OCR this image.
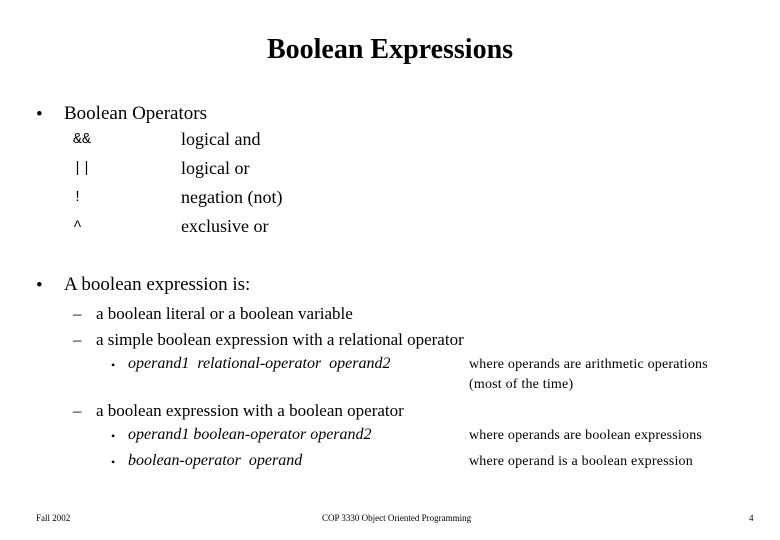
Boolean Expressions
• Boolean Operators
&&	logical and
||	logical or
!	negation (not)
^	exclusive or
• A boolean expression is:
– a boolean literal or a boolean variable
– a simple boolean expression with a relational operator
• operand1  relational-operator  operand2	where operands are arithmetic operations
(most of the time)
– a boolean expression with a boolean operator
• operand1 boolean-operator operand2	where operands are boolean expressions
• boolean-operator  operand	where operand is a boolean expression
Fall 2002	COP 3330 Object Oriented Programming	4
